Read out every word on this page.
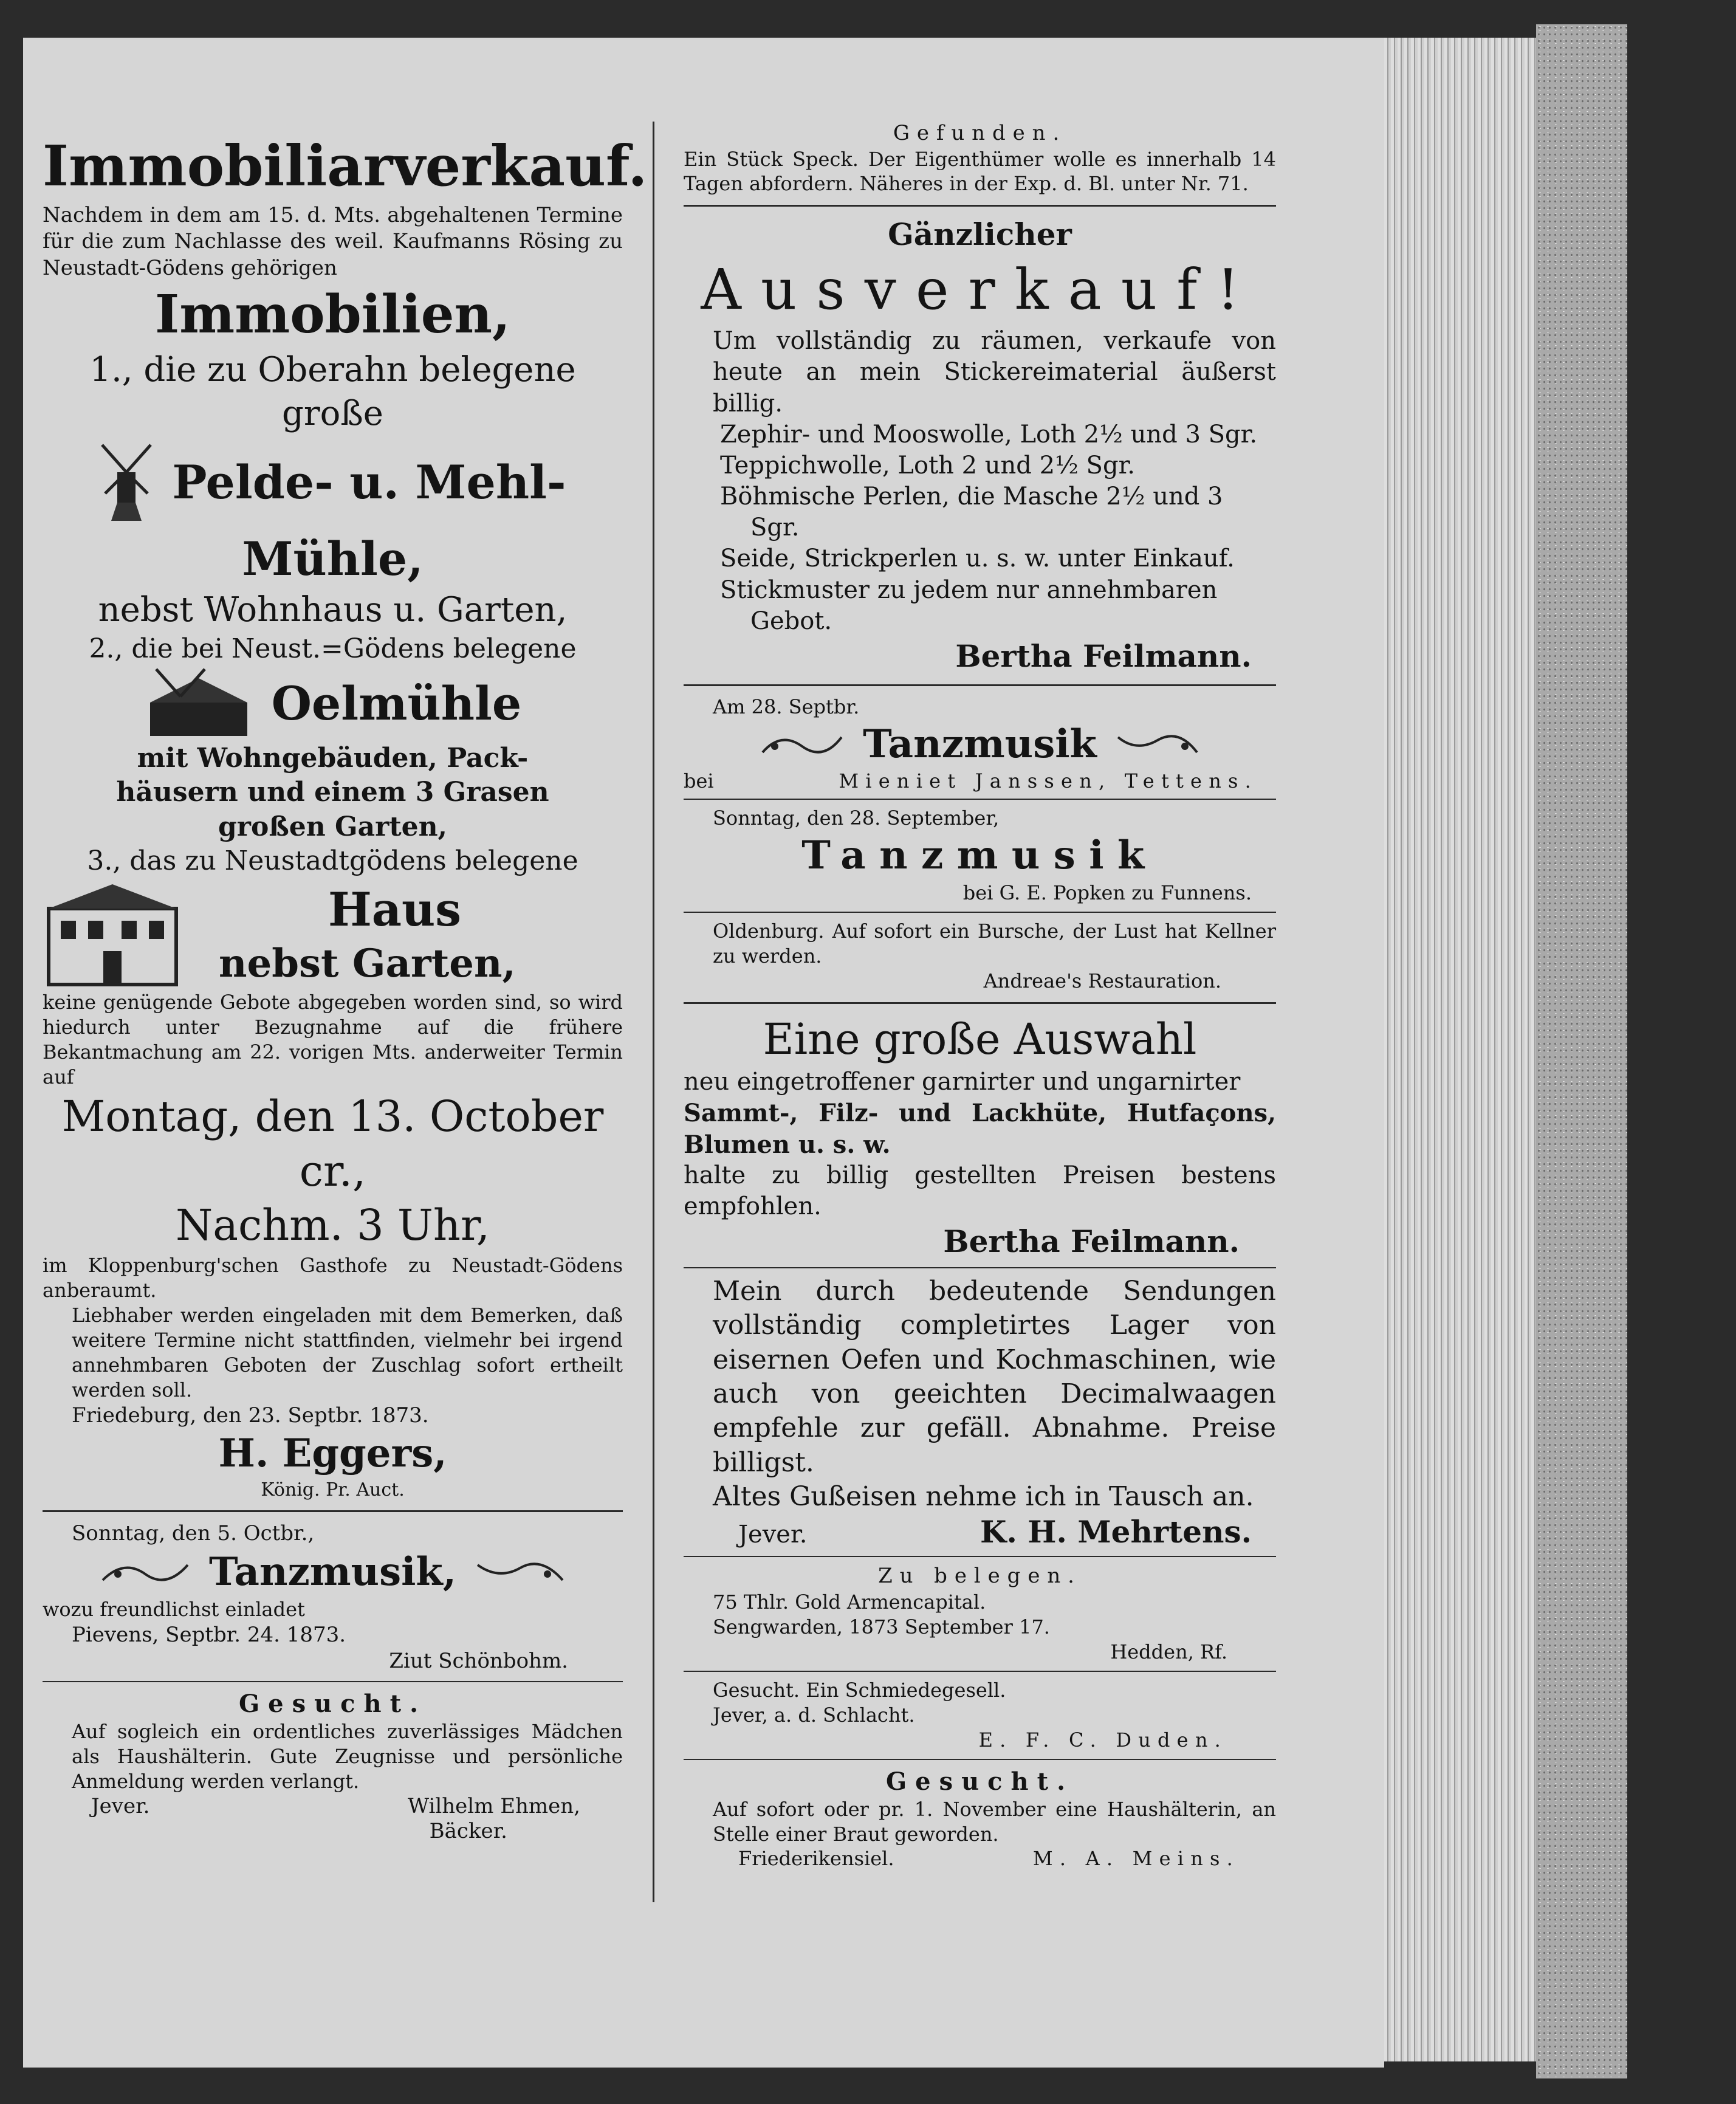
Immobiliarverkauf.

Nachdem in dem am 15. d. Mts. abgehaltenen Termine für die zum Nachlasse des weil. Kaufmanns Rösing zu Neustadt-Gödens gehörigen

Immobilien,

1., die zu Oberahn belegene

große

Pelde- u. Mehl-

Mühle,

nebst Wohnhaus u. Garten,

2., die bei Neust.=Gödens belegene

Oelmühle

mit Wohngebäuden, Pack-

häusern und einem 3 Grasen

großen Garten,

3., das zu Neustadtgödens belegene

Haus

nebst Garten,

keine genügende Gebote abgegeben worden sind, so wird hiedurch unter Bezugnahme auf die frühere Bekantmachung am 22. vorigen Mts. anderweiter Termin auf

Montag, den 13. October cr.,

Nachm. 3 Uhr,

im Kloppenburg'schen Gasthofe zu Neustadt-Gödens anberaumt.

Liebhaber werden eingeladen mit dem Bemerken, daß weitere Termine nicht stattfinden, vielmehr bei irgend annehmbaren Geboten der Zuschlag sofort ertheilt werden soll.

Friedeburg, den 23. Septbr. 1873.

H. Eggers,

König. Pr. Auct.

Sonntag, den 5. Octbr.,

Tanzmusik,

wozu freundlichst einladet

Pievens, Septbr. 24. 1873.

Ziut Schönbohm.

Gesucht.

Auf sogleich ein ordentliches zuverlässiges Mädchen als Haushälterin. Gute Zeugnisse und persönliche Anmeldung werden verlangt.

Jever.	Wilhelm Ehmen,

Bäcker.

Gefunden.

Ein Stück Speck. Der Eigenthümer wolle es innerhalb 14 Tagen abfordern. Näheres in der Exp. d. Bl. unter Nr. 71.

Gänzlicher

Ausverkauf!

Um vollständig zu räumen, verkaufe von heute an mein Stickereimaterial äußerst billig.

Zephir- und Mooswolle, Loth 2½ und 3 Sgr.

Teppichwolle, Loth 2 und 2½ Sgr.

Böhmische Perlen, die Masche 2½ und 3 Sgr.

Seide, Strickperlen u. s. w. unter Einkauf.

Stickmuster zu jedem nur annehmbaren Gebot.

Bertha Feilmann.

Am 28. Septbr.

Tanzmusik
bei	Mieniet Janssen, Tettens.

Sonntag, den 28. September,

Tanzmusik

bei G. E. Popken zu Funnens.

Oldenburg. Auf sofort ein Bursche, der Lust hat Kellner zu werden.

Andreae's Restauration.

Eine große Auswahl

neu eingetroffener garnirter und ungarnirter

Sammt-, Filz- und Lackhüte, Hutfaçons, Blumen u. s. w.

halte zu billig gestellten Preisen bestens empfohlen.

Bertha Feilmann.

Mein durch bedeutende Sendungen vollständig completirtes Lager von eisernen Oefen und Kochmaschinen, wie auch von geeichten Decimalwaagen empfehle zur gefäll. Abnahme. Preise billigst.

Altes Gußeisen nehme ich in Tausch an.

Jever.	K. H. Mehrtens.

Zu belegen.

75 Thlr. Gold Armencapital.

Sengwarden, 1873 September 17.

Hedden, Rf.

Gesucht. Ein Schmiedegesell.

Jever, a. d. Schlacht.

E. F. C. Duden.

Gesucht.

Auf sofort oder pr. 1. November eine Haushälterin, an Stelle einer Braut geworden.

Friederikensiel.	M. A. Meins.
